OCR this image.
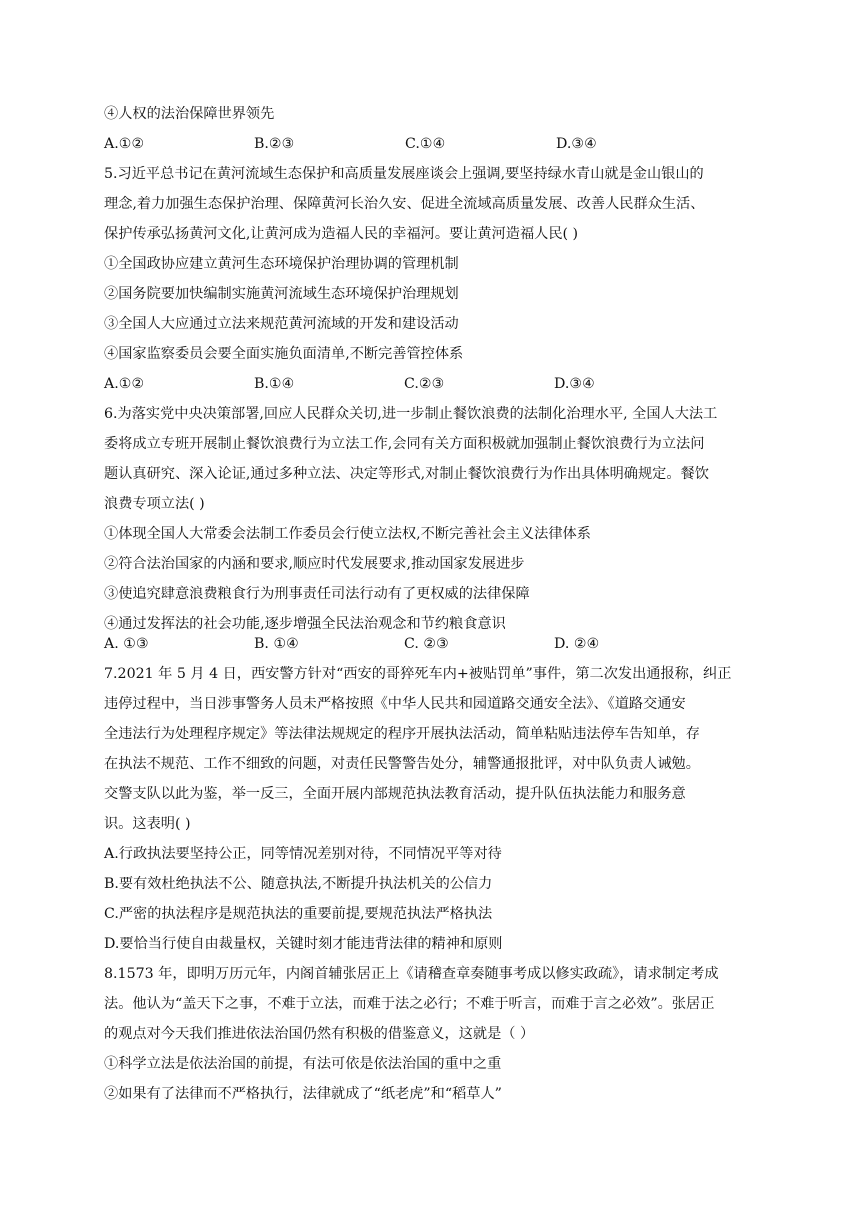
④人权的法治保障世界领先
A.①②	B.②③	C.①④	D.③④
5.习近平总书记在黄河流域生态保护和高质量发展座谈会上强调,要坚持绿水青山就是金山银山的
理念,着力加强生态保护治理、保障黄河长治久安、促进全流域高质量发展、改善人民群众生活、
保护传承弘扬黄河文化,让黄河成为造福人民的幸福河。要让黄河造福人民( )
①全国政协应建立黄河生态环境保护治理协调的管理机制
②国务院要加快编制实施黄河流域生态环境保护治理规划
③全国人大应通过立法来规范黄河流域的开发和建设活动
④国家监察委员会要全面实施负面清单,不断完善管控体系
A.①②	B.①④	C.②③	D.③④
6.为落实党中央决策部署,回应人民群众关切,进一步制止餐饮浪费的法制化治理水平, 全国人大法工
委将成立专班开展制止餐饮浪费行为立法工作,会同有关方面积极就加强制止餐饮浪费行为立法问
题认真研究、深入论证,通过多种立法、决定等形式,对制止餐饮浪费行为作出具体明确规定。餐饮
浪费专项立法( )
①体现全国人大常委会法制工作委员会行使立法权,不断完善社会主义法律体系
②符合法治国家的内涵和要求,顺应时代发展要求,推动国家发展进步
③使追究肆意浪费粮食行为刑事责任司法行动有了更权威的法律保障
④通过发挥法的社会功能,逐步增强全民法治观念和节约粮食意识
A. ①③	B. ①④	C. ②③	D. ②④
7.2021 年 5 月 4 日，西安警方针对“西安的哥猝死车内+被贴罚单”事件，第二次发出通报称，纠正
违停过程中，当日涉事警务人员未严格按照《中华人民共和园道路交通安全法》、《道路交通安
全违法行为处理程序规定》等法律法规规定的程序开展执法活动，简单粘贴违法停车告知单，存
在执法不规范、工作不细致的问题，对责任民警警告处分，辅警通报批评，对中队负责人诫勉。
交警支队以此为鉴，举一反三，全面开展内部规范执法教育活动，提升队伍执法能力和服务意
识。这表明( )
A.行政执法要坚持公正，同等情况差别对待，不同情况平等对待
B.要有效杜绝执法不公、随意执法,不断提升执法机关的公信力
C.严密的执法程序是规范执法的重要前提,要规范执法严格执法
D.要恰当行使自由裁量权，关键时刻才能违背法律的精神和原则
8.1573 年，即明万历元年，内阁首辅张居正上《请稽查章奏随事考成以修实政疏》，请求制定考成
法。他认为“盖天下之事，不难于立法，而难于法之必行；不难于听言，而难于言之必效”。张居正
的观点对今天我们推进依法治国仍然有积极的借鉴意义，这就是（ ）
①科学立法是依法治国的前提，有法可依是依法治国的重中之重
②如果有了法律而不严格执行，法律就成了“纸老虎”和“稻草人”
